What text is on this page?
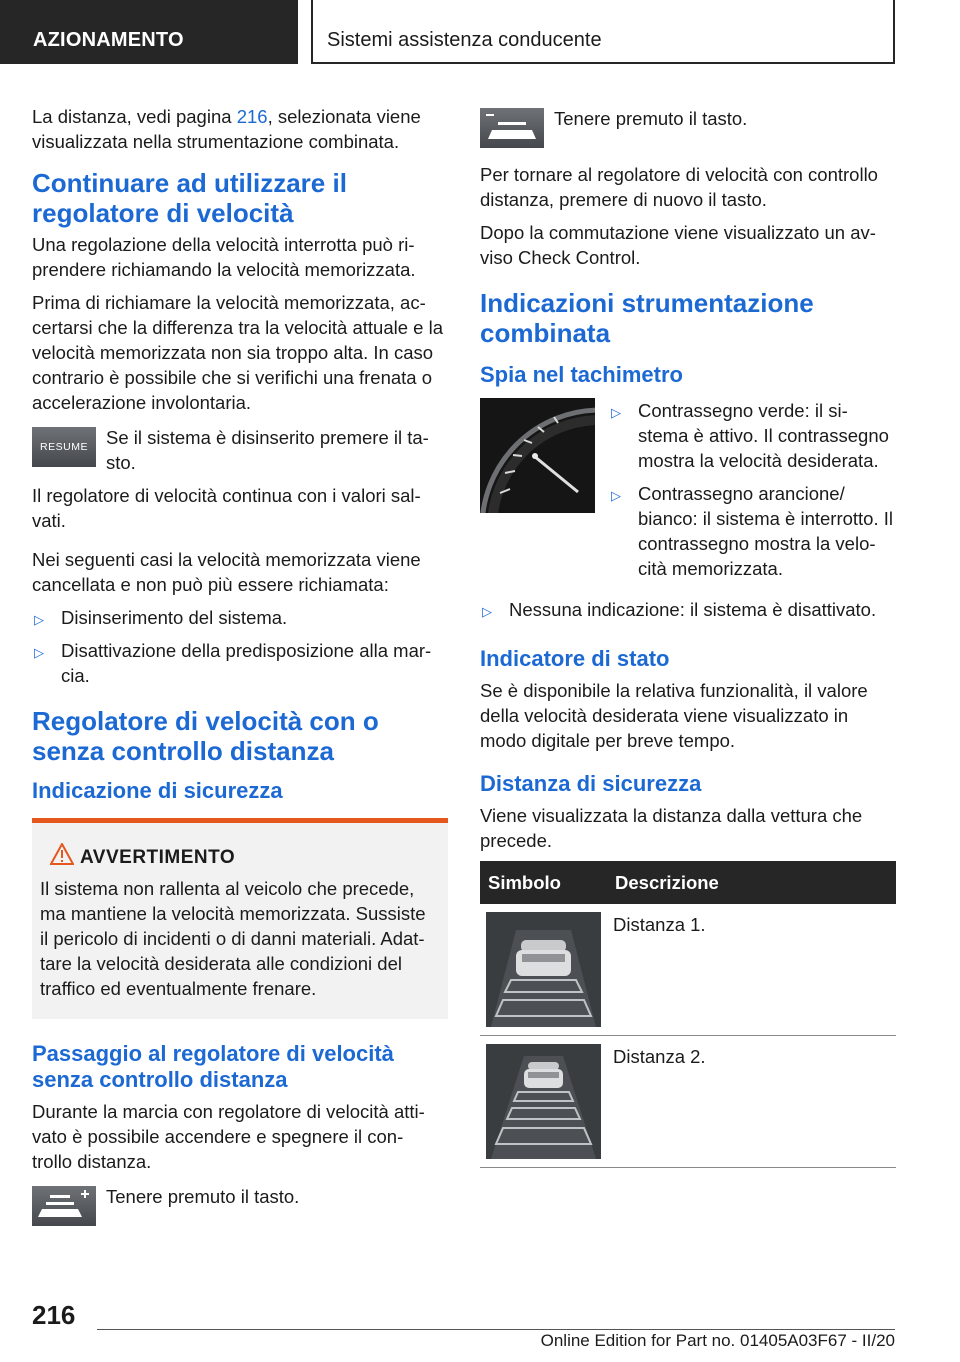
AZIONAMENTO	Sistemi assistenza conducente

La distanza, vedi pagina 216, selezionata viene visualizzata nella strumentazione combinata.

Continuare ad utilizzare il regolatore di velocità

Una regolazione della velocità interrotta può ri- prendere richiamando la velocità memorizzata.

Prima di richiamare la velocità memorizzata, ac- certarsi che la differenza tra la velocità attuale e la velocità memorizzata non sia troppo alta. In caso contrario è possibile che si verifichi una frenata o accelerazione involontaria.

RESUME Se il sistema è disinserito premere il ta- sto.

Il regolatore di velocità continua con i valori sal- vati.

Nei seguenti casi la velocità memorizzata viene cancellata e non può più essere richiamata:

▷ Disinserimento del sistema.
▷ Disattivazione della predisposizione alla mar- cia.
Regolatore di velocità con o senza controllo distanza
Indicazione di sicurezza
AVVERTIMENTO
Il sistema non rallenta al veicolo che precede, ma mantiene la velocità memorizzata. Sussiste il pericolo di incidenti o di danni materiali. Adat- tare la velocità desiderata alle condizioni del traffico ed eventualmente frenare.
Passaggio al regolatore di velocità senza controllo distanza

Durante la marcia con regolatore di velocità atti- vato è possibile accendere e spegnere il con- trollo distanza.

Tenere premuto il tasto.
Tenere premuto il tasto.

Per tornare al regolatore di velocità con controllo distanza, premere di nuovo il tasto.

Dopo la commutazione viene visualizzato un av- viso Check Control.

Indicazioni strumentazione combinata
Spia nel tachimetro
▷ Contrassegno verde: il si- stema è attivo. Il contrassegno mostra la velocità desiderata.
▷ Contrassegno arancione/ bianco: il sistema è interrotto. Il contrassegno mostra la velo- cità memorizzata.
▷ Nessuna indicazione: il sistema è disattivato.
Indicatore di stato

Se è disponibile la relativa funzionalità, il valore della velocità desiderata viene visualizzato in modo digitale per breve tempo.

Distanza di sicurezza

Viene visualizzata la distanza dalla vettura che precede.

Simbolo	Descrizione

	Distanza 1.

	Distanza 2.
216
Online Edition for Part no. 01405A03F67 - II/20
